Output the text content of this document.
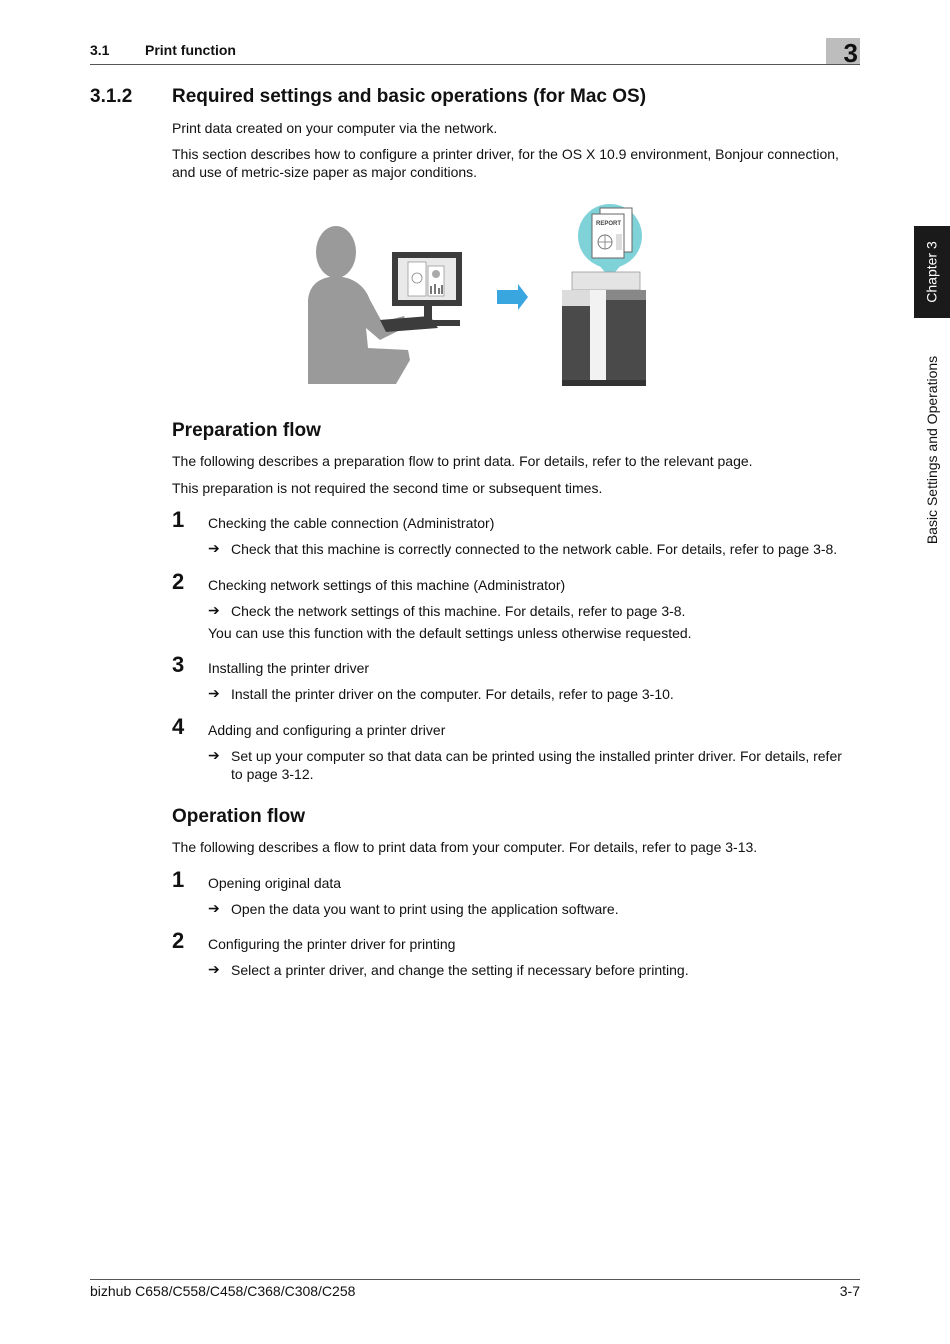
3.1	Print function	3
3.1.2 Required settings and basic operations (for Mac OS)
Print data created on your computer via the network.
This section describes how to configure a printer driver, for the OS X 10.9 environment, Bonjour connection,
and use of metric-size paper as major conditions.
REPORT
Preparation flow
The following describes a preparation flow to print data. For details, refer to the relevant page.
This preparation is not required the second time or subsequent times.
1 Checking the cable connection (Administrator)
➔ Check that this machine is correctly connected to the network cable. For details, refer to page 3-8.
2 Checking network settings of this machine (Administrator)
➔ Check the network settings of this machine. For details, refer to page 3-8.
You can use this function with the default settings unless otherwise requested.
3 Installing the printer driver
➔ Install the printer driver on the computer. For details, refer to page 3-10.
4 Adding and configuring a printer driver
➔ Set up your computer so that data can be printed using the installed printer driver. For details, refer
to page 3-12.
Operation flow
The following describes a flow to print data from your computer. For details, refer to page 3-13.
1 Opening original data
➔ Open the data you want to print using the application software.
2 Configuring the printer driver for printing
➔ Select a printer driver, and change the setting if necessary before printing.
Chapter 3
Basic Settings and Operations
bizhub C658/C558/C458/C368/C308/C258	3-7
